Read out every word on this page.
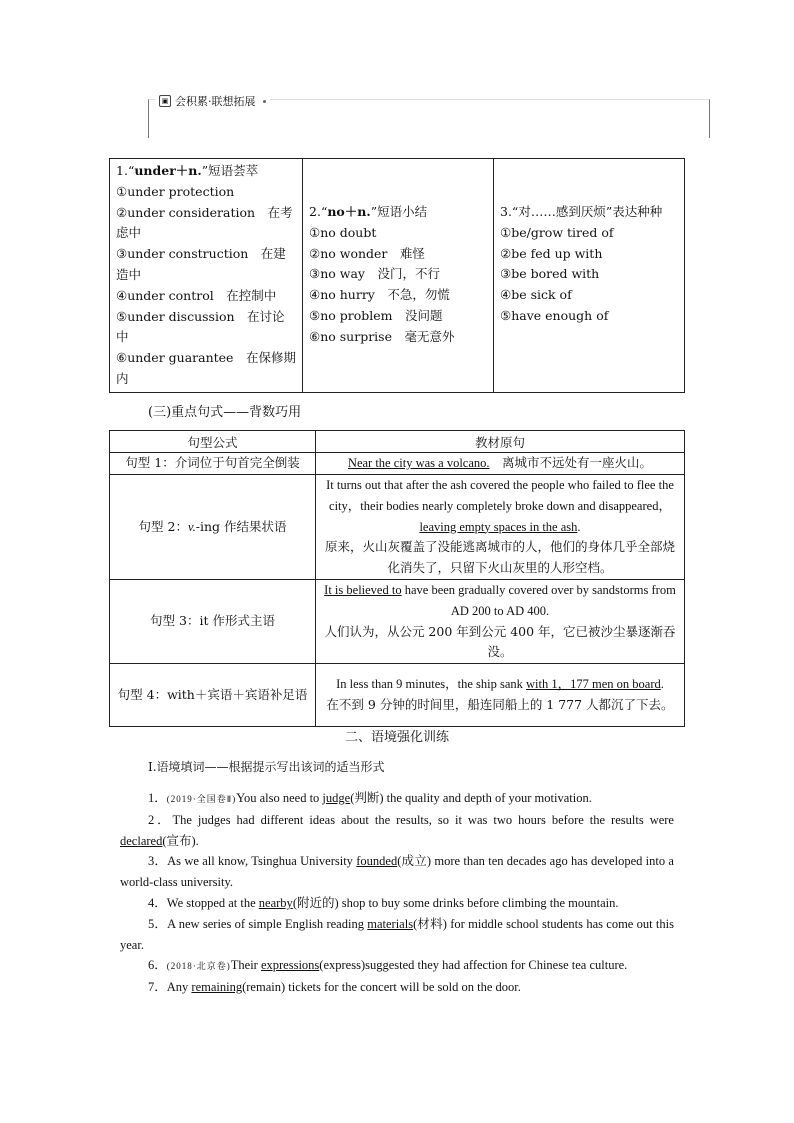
▣ 会积累·联想拓展
1.“under＋n.”短语荟萃
①under protection
②under consideration　在考虑中
③under construction　在建造中
④under control　在控制中
⑤under discussion　在讨论中
⑥under guarantee　在保修期内

2.“no＋n.”短语小结
①no doubt
②no wonder　难怪
③no way　没门，不行
④no hurry　不急，勿慌
⑤no problem　没问题
⑥no surprise　毫无意外

3.“对……感到厌烦”表达种种
①be/grow tired of
②be fed up with
③be bored with
④be sick of
⑤have enough of
(三)重点句式——背数巧用
句型公式	教材原句
句型 1：介词位于句首完全倒装	Near the city was a volcano.　 离城市不远处有一座火山。
句型 2：v.-ing 作结果状语	It turns out that after the ash covered the people who failed to flee the city，their bodies nearly completely broke down and disappeared，leaving empty spaces in the ash.
原来，火山灰覆盖了没能逃离城市的人，他们的身体几乎全部烧化消失了，只留下火山灰里的人形空档。

句型 3：it 作形式主语	It is believed to have been gradually covered over by sandstorms from AD 200 to AD 400.
人们认为，从公元 200 年到公元 400 年，它已被沙尘暴逐渐吞没。

句型 4：with＋宾语＋宾语补足语	In less than 9 minutes，the ship sank with 1，177 men on board.
在不到 9 分钟的时间里，船连同船上的 1 777 人都沉了下去。
二、语境强化训练
Ⅰ.语境填词——根据提示写出该词的适当形式
1．(2019·全国卷Ⅱ)You also need to judge(判断) the quality and depth of your motivation.
2．The judges had different ideas about the results, so it was two hours before the results were declared(宣布).
3．As we all know, Tsinghua University founded(成立) more than ten decades ago has developed into a world-class university.
4．We stopped at the nearby(附近的) shop to buy some drinks before climbing the mountain.
5．A new series of simple English reading materials(材料) for middle school students has come out this year.
6．(2018·北京卷)Their expressions(express)suggested they had affection for Chinese tea culture.
7．Any remaining(remain) tickets for the concert will be sold on the door.
